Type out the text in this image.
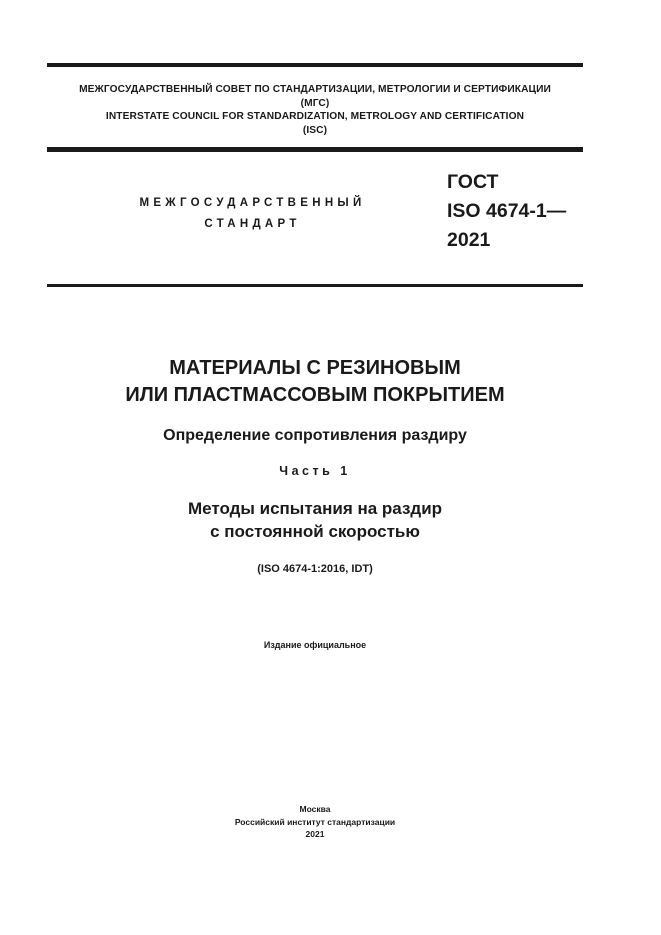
МЕЖГОСУДАРСТВЕННЫЙ СОВЕТ ПО СТАНДАРТИЗАЦИИ, МЕТРОЛОГИИ И СЕРТИФИКАЦИИ
(МГС)
INTERSTATE COUNCIL FOR STANDARDIZATION, METROLOGY AND CERTIFICATION
(ISC)
МЕЖГОСУДАРСТВЕННЫЙ
СТАНДАРТ
ГОСТ
ISO 4674-1—
2021
МАТЕРИАЛЫ С РЕЗИНОВЫМ
ИЛИ ПЛАСТМАССОВЫМ ПОКРЫТИЕМ
Определение сопротивления раздиру
Часть 1
Методы испытания на раздир
с постоянной скоростью
(ISO 4674-1:2016, IDT)
Издание официальное
Москва
Российский институт стандартизации
2021
